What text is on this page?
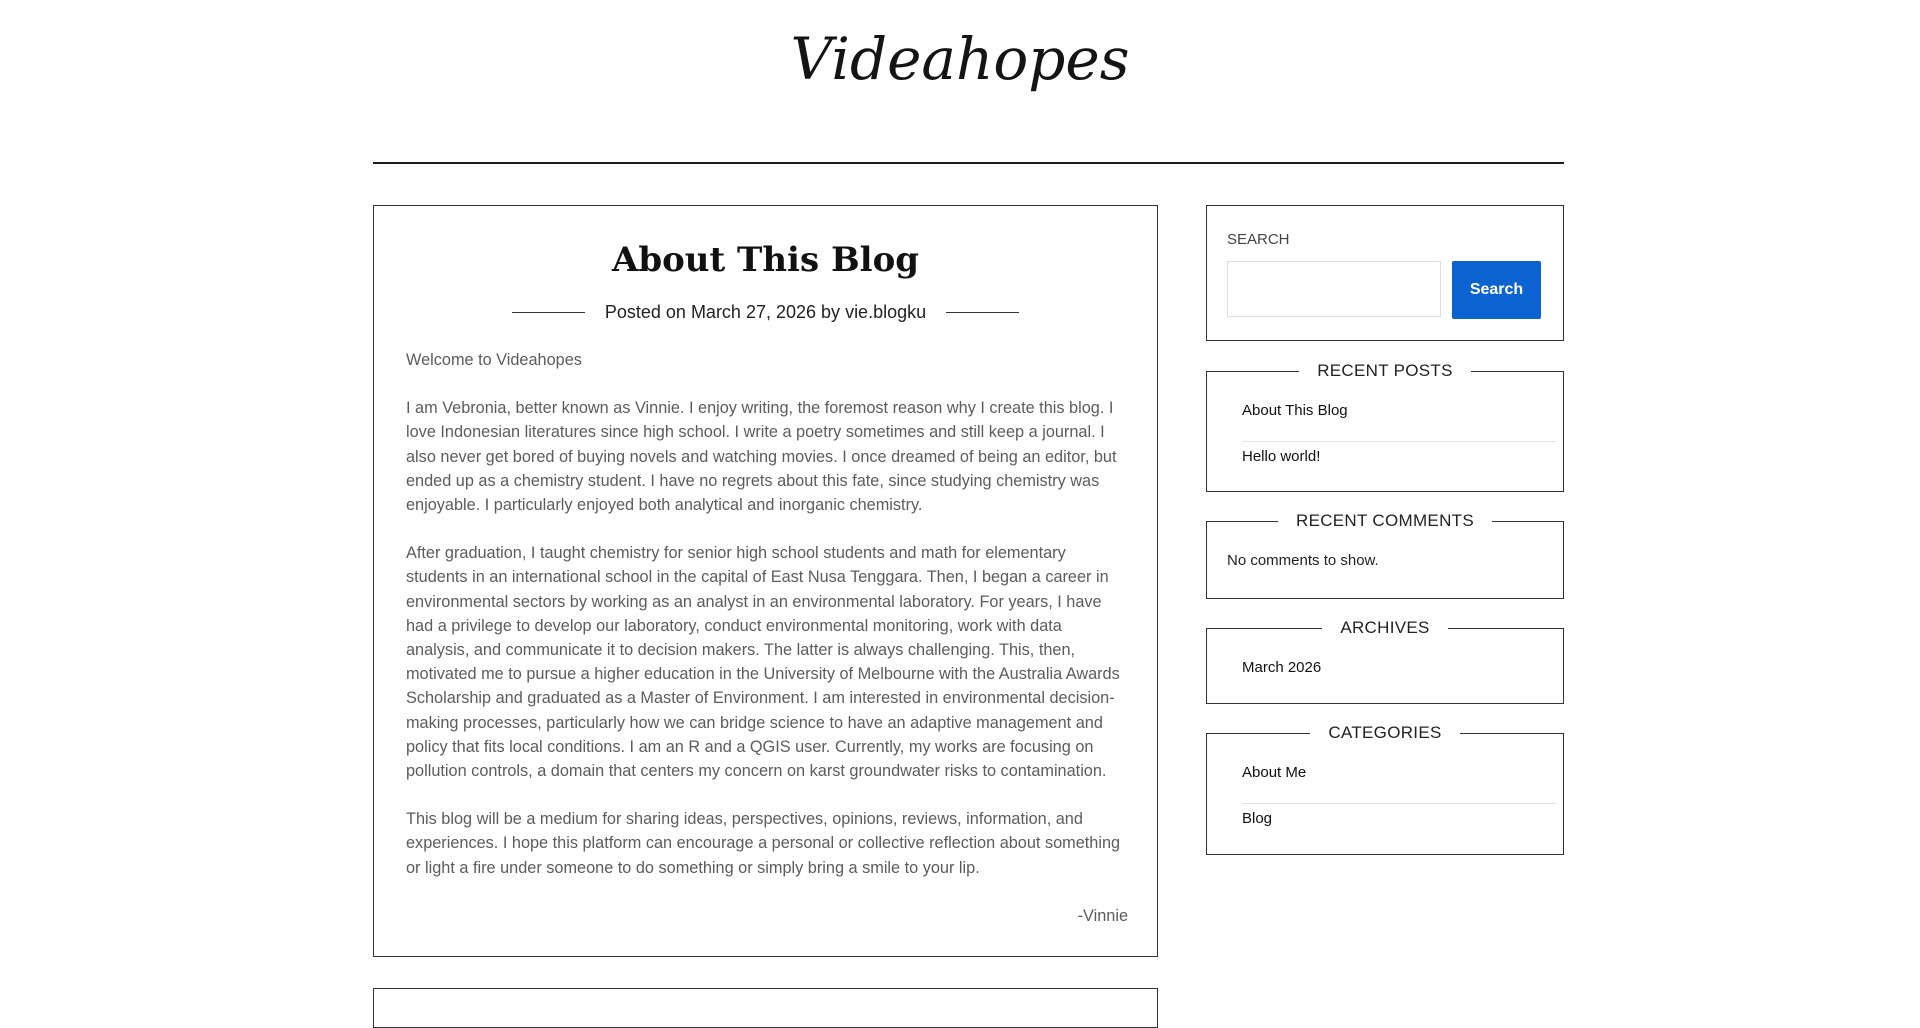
Videahopes
About This Blog
Posted on March 27, 2026 by vie.blogku

Welcome to Videahopes

I am Vebronia, better known as Vinnie. I enjoy writing, the foremost reason why I create this blog. I love Indonesian literatures since high school. I write a poetry sometimes and still keep a journal. I also never get bored of buying novels and watching movies. I once dreamed of being an editor, but ended up as a chemistry student. I have no regrets about this fate, since studying chemistry was enjoyable. I particularly enjoyed both analytical and inorganic chemistry.

After graduation, I taught chemistry for senior high school students and math for elementary students in an international school in the capital of East Nusa Tenggara. Then, I began a career in environmental sectors by working as an analyst in an environmental laboratory. For years, I have had a privilege to develop our laboratory, conduct environmental monitoring, work with data analysis, and communicate it to decision makers. The latter is always challenging. This, then, motivated me to pursue a higher education in the University of Melbourne with the Australia Awards Scholarship and graduated as a Master of Environment. I am interested in environmental decision-making processes, particularly how we can bridge science to have an adaptive management and policy that fits local conditions. I am an R and a QGIS user. Currently, my works are focusing on pollution controls, a domain that centers my concern on karst groundwater risks to contamination.

This blog will be a medium for sharing ideas, perspectives, opinions, reviews, information, and experiences. I hope this platform can encourage a personal or collective reflection about something or light a fire under someone to do something or simply bring a smile to your lip.

-Vinnie

SEARCH
Search
RECENT POSTS
About This Blog
Hello world!
RECENT COMMENTS
No comments to show.
ARCHIVES
March 2026
CATEGORIES
About Me
Blog
